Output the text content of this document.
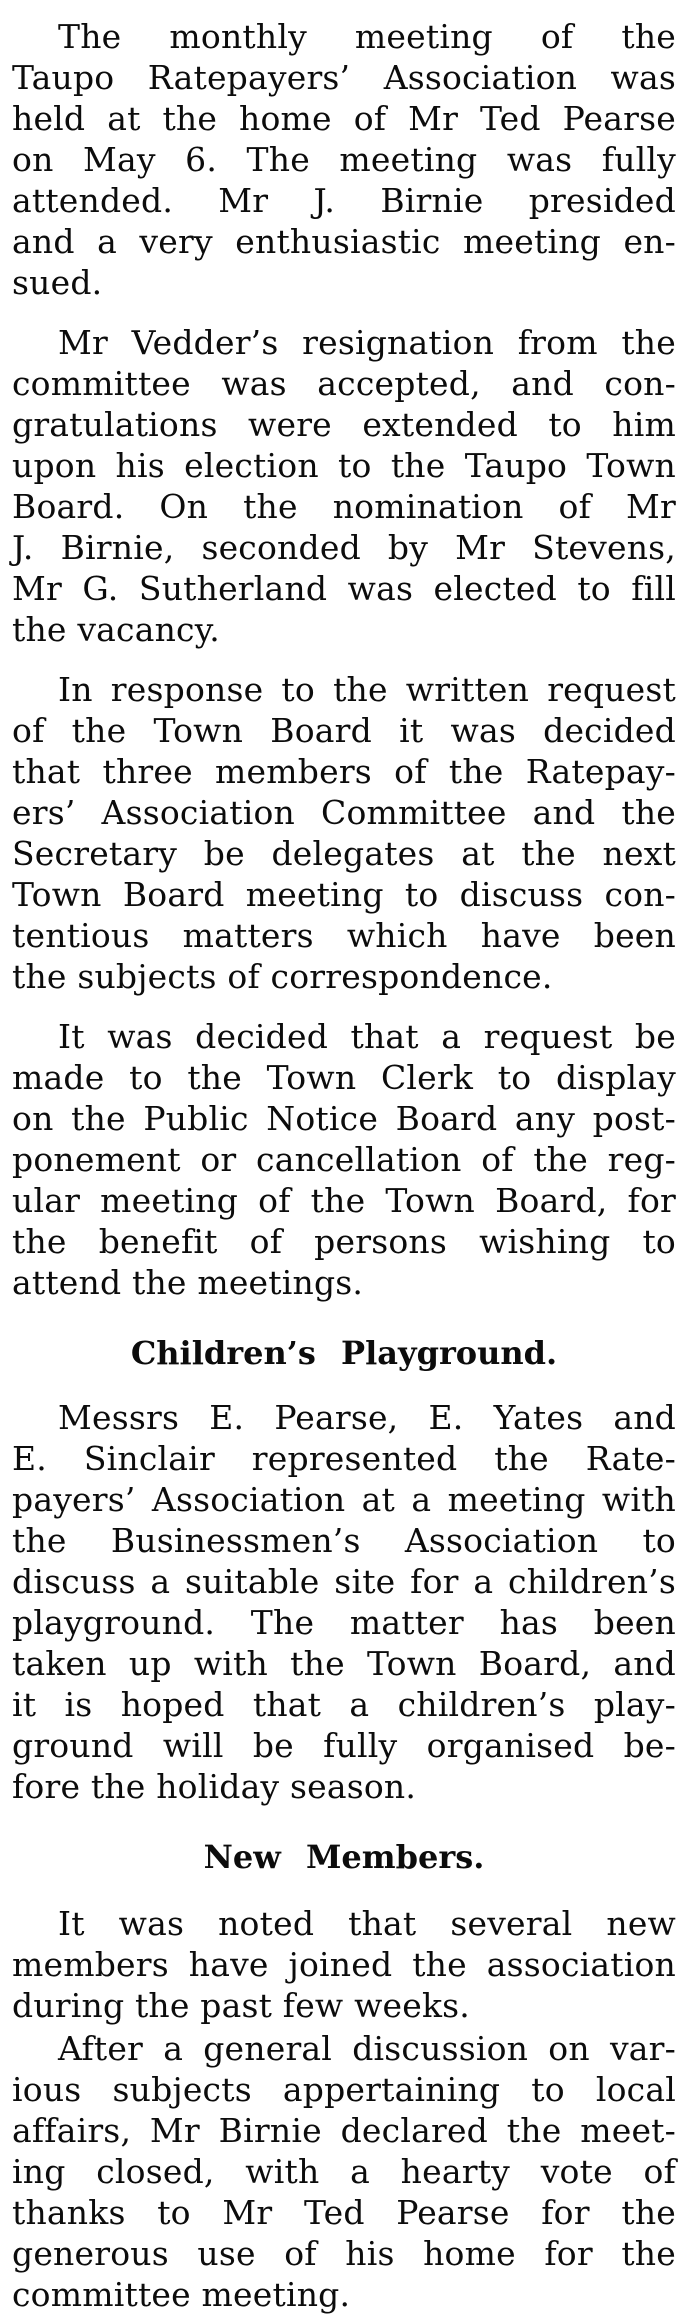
The monthly meeting of the
Taupo Ratepayers’ Association was
held at the home of Mr Ted Pearse
on May 6. The meeting was fully
attended. Mr J. Birnie presided
and a very enthusiastic meeting en-
sued.

Mr Vedder’s resignation from the
committee was accepted, and con-
gratulations were extended to him
upon his election to the Taupo Town
Board. On the nomination of Mr
J. Birnie, seconded by Mr Stevens,
Mr G. Sutherland was elected to fill
the vacancy.

In response to the written request
of the Town Board it was decided
that three members of the Ratepay-
ers’ Association Committee and the
Secretary be delegates at the next
Town Board meeting to discuss con-
tentious matters which have been
the subjects of correspondence.

It was decided that a request be
made to the Town Clerk to display
on the Public Notice Board any post-
ponement or cancellation of the reg-
ular meeting of the Town Board, for
the benefit of persons wishing to
attend the meetings.

Children’s Playground.

Messrs E. Pearse, E. Yates and
E. Sinclair represented the Rate-
payers’ Association at a meeting with
the Businessmen’s Association to
discuss a suitable site for a children’s
playground. The matter has been
taken up with the Town Board, and
it is hoped that a children’s play-
ground will be fully organised be-
fore the holiday season.

New Members.

It was noted that several new
members have joined the association
during the past few weeks.

After a general discussion on var-
ious subjects appertaining to local
affairs, Mr Birnie declared the meet-
ing closed, with a hearty vote of
thanks to Mr Ted Pearse for the
generous use of his home for the
committee meeting.
